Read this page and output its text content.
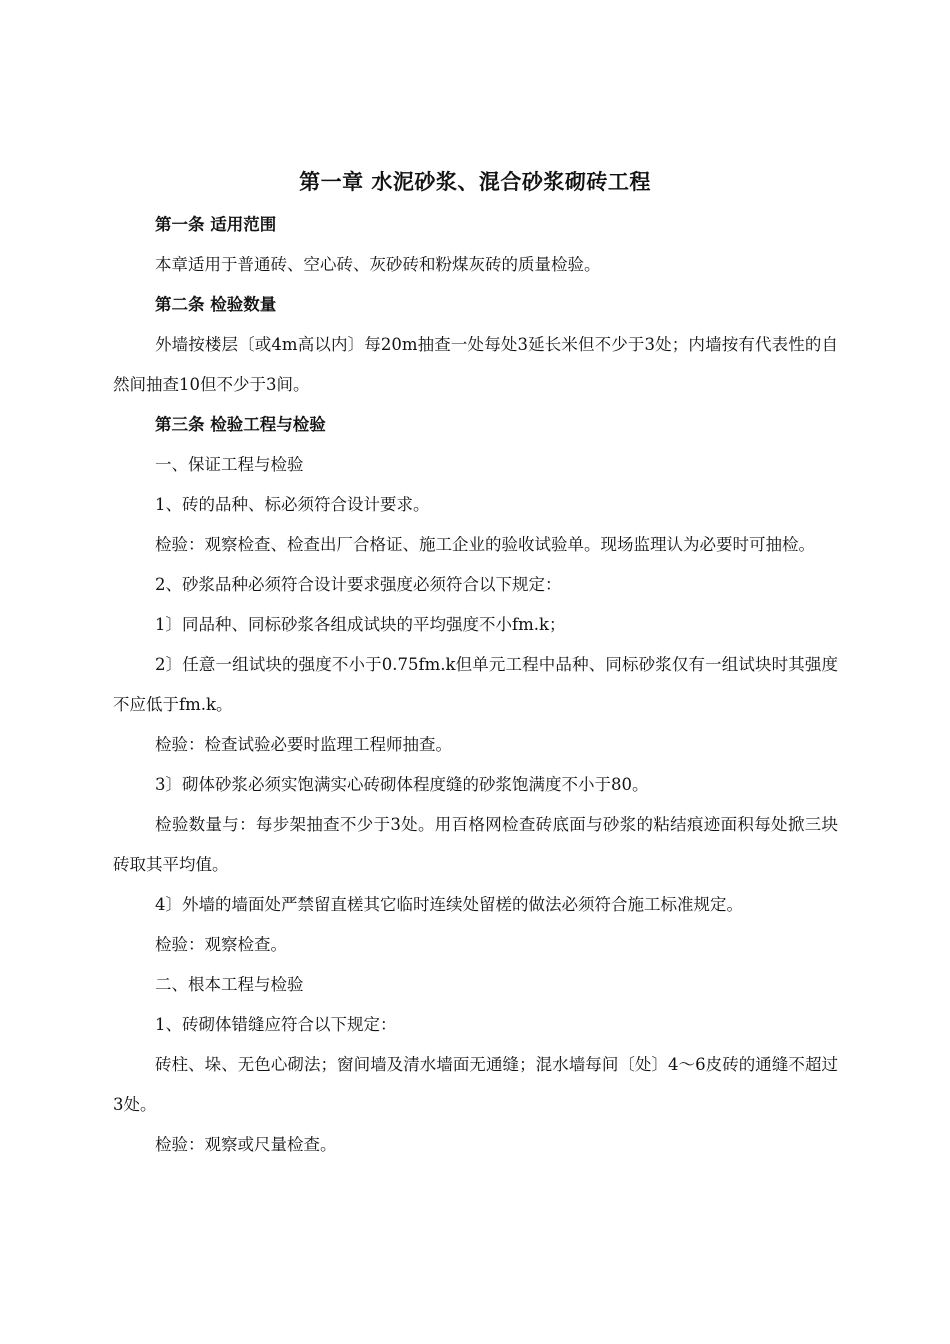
第一章 水泥砂浆、混合砂浆砌砖工程

第一条 适用范围

本章适用于普通砖、空心砖、灰砂砖和粉煤灰砖的质量检验。

第二条 检验数量

外墙按楼层〔或4m高以内〕每20m抽查一处每处3延长米但不少于3处；内墙按有代表性的自然间抽查10但不少于3间。

第三条 检验工程与检验

一、保证工程与检验

1、砖的品种、标必须符合设计要求。

检验：观察检查、检查出厂合格证、施工企业的验收试验单。现场监理认为必要时可抽检。

2、砂浆品种必须符合设计要求强度必须符合以下规定：

1〕同品种、同标砂浆各组成试块的平均强度不小fm.k；

2〕任意一组试块的强度不小于0.75fm.k但单元工程中品种、同标砂浆仅有一组试块时其强度不应低于fm.k。

检验：检查试验必要时监理工程师抽查。

3〕砌体砂浆必须实饱满实心砖砌体程度缝的砂浆饱满度不小于80。

检验数量与：每步架抽查不少于3处。用百格网检查砖底面与砂浆的粘结痕迹面积每处掀三块砖取其平均值。

4〕外墙的墙面处严禁留直槎其它临时连续处留槎的做法必须符合施工标准规定。

检验：观察检查。

二、根本工程与检验

1、砖砌体错缝应符合以下规定：

砖柱、垛、无色心砌法；窗间墙及清水墙面无通缝；混水墙每间〔处〕4～6皮砖的通缝不超过3处。

检验：观察或尺量检查。
